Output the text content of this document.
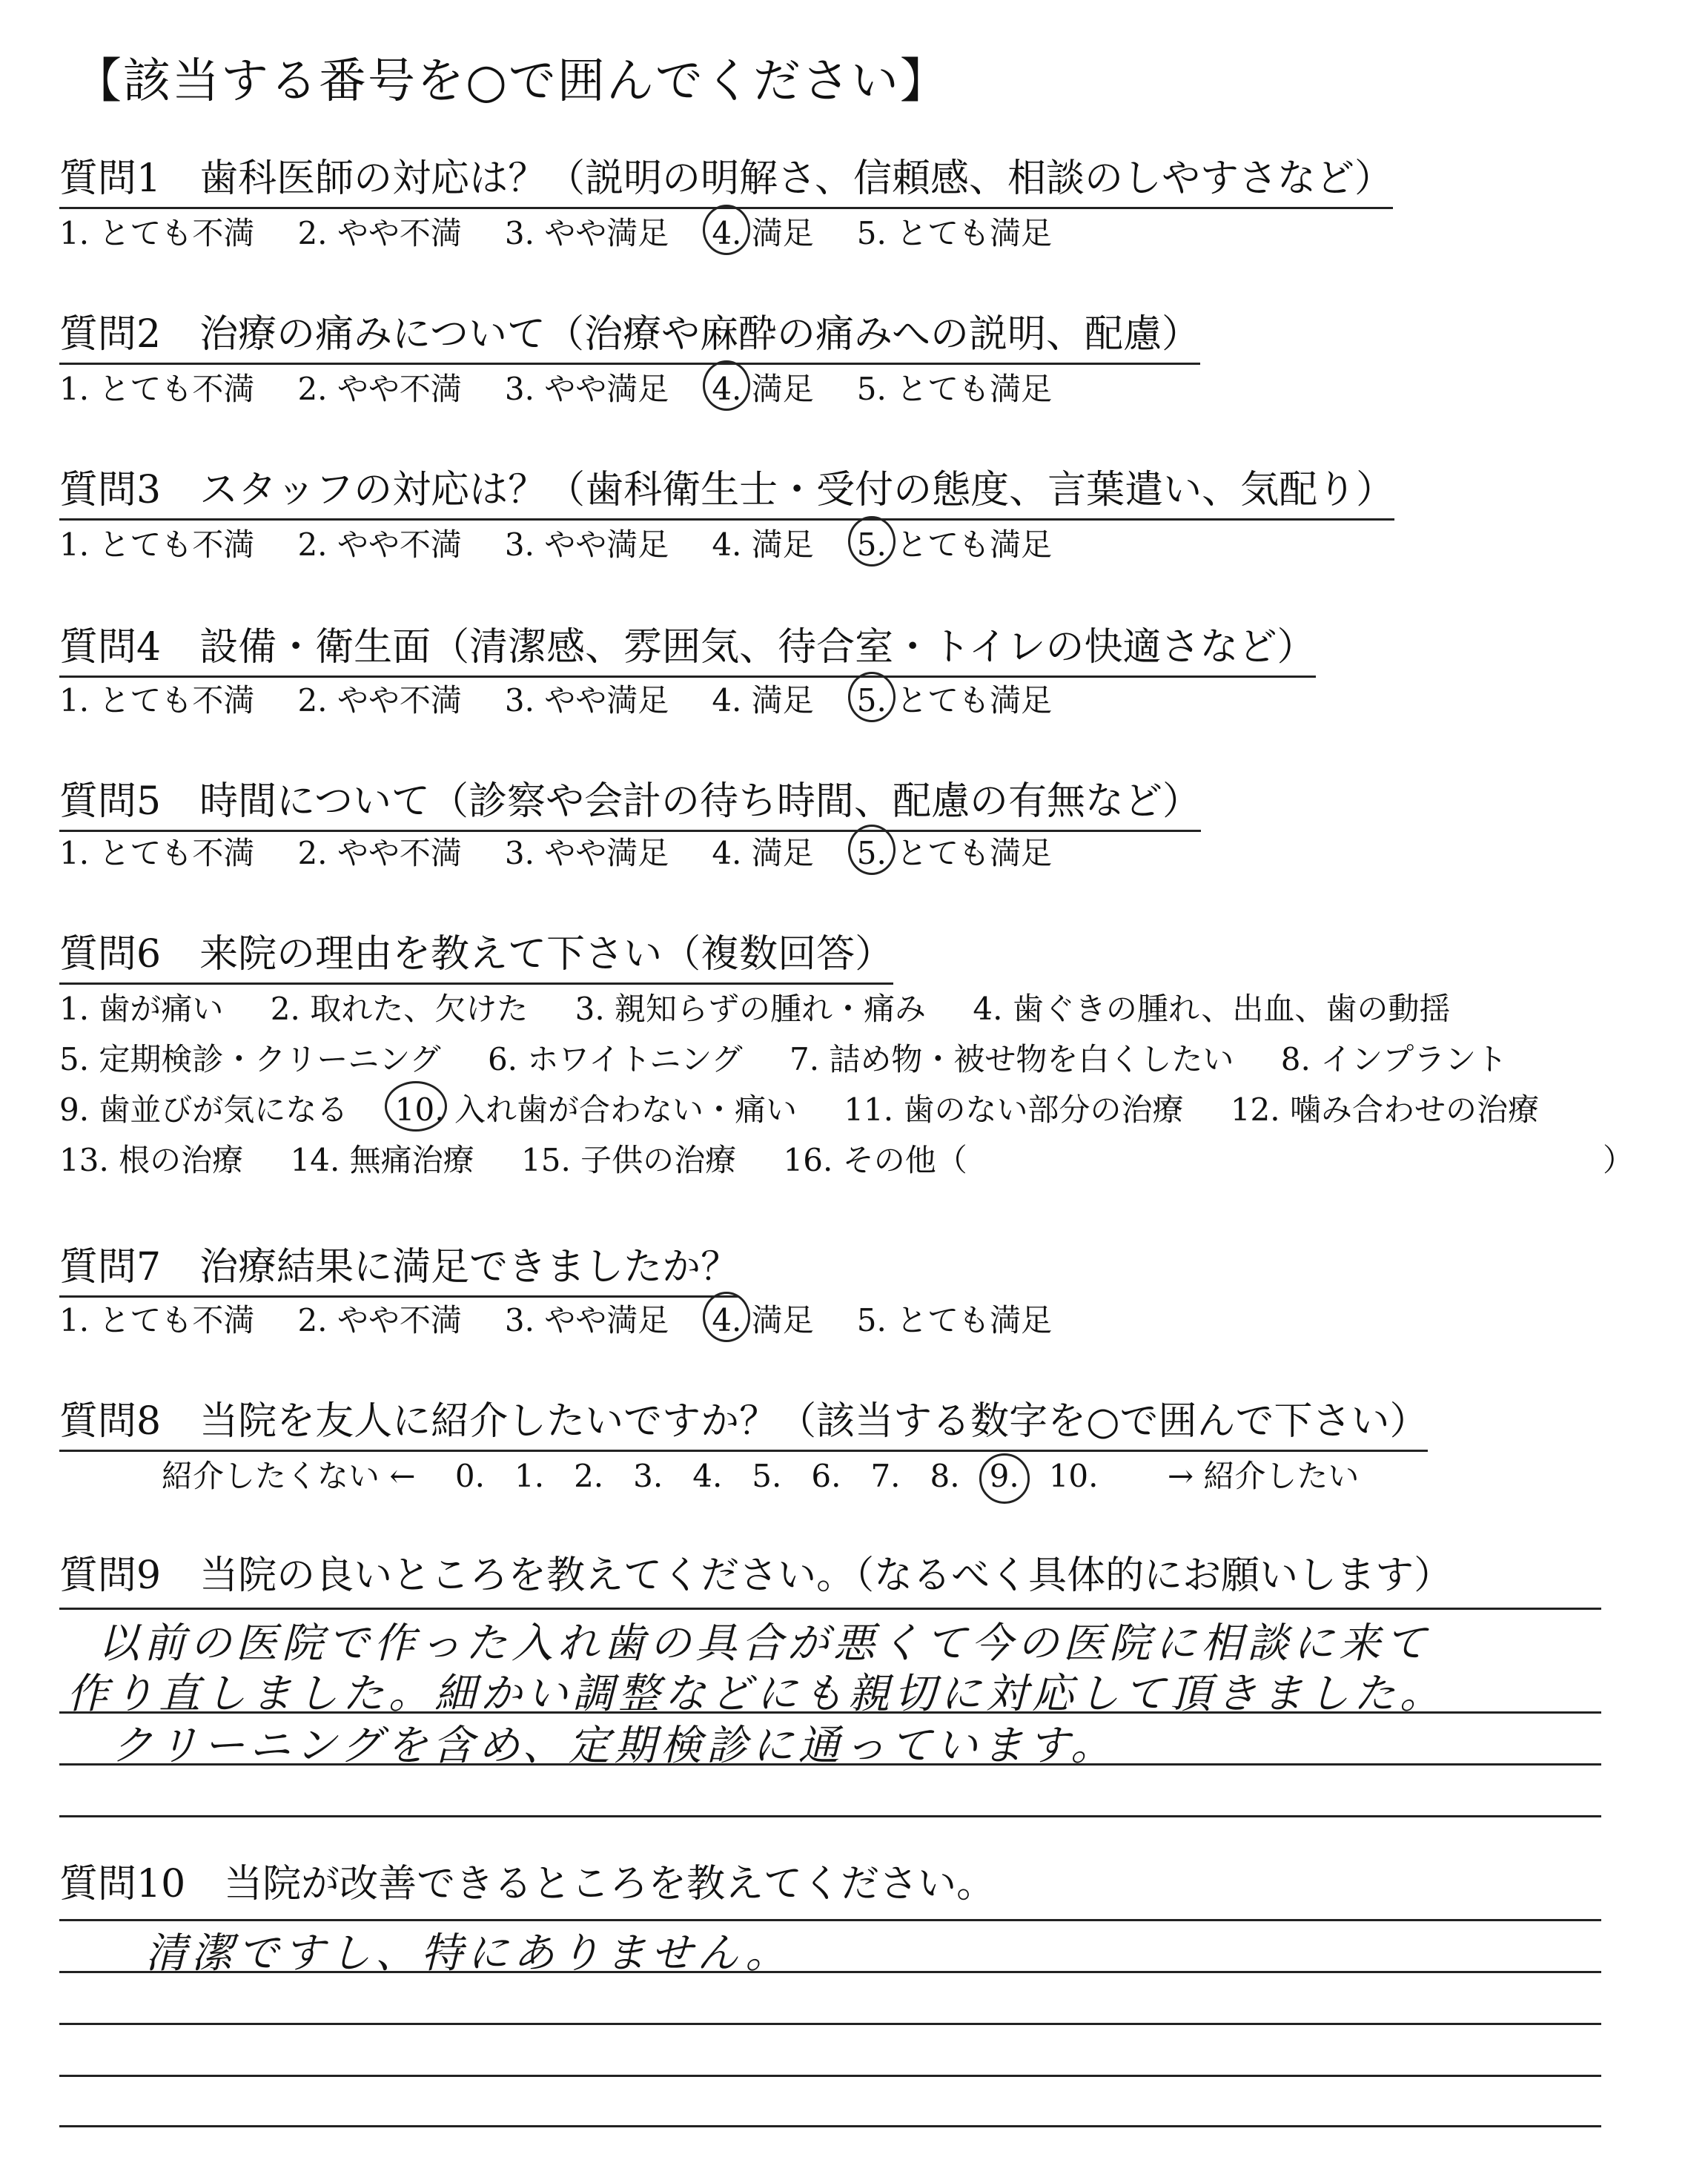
【該当する番号を○で囲んでください】
質問1　歯科医師の対応は？（説明の明解さ、信頼感、相談のしやすさなど）
1. とても不満 2. やや不満 3. やや満足 4. 満足 5. とても満足
質問2　治療の痛みについて（治療や麻酔の痛みへの説明、配慮）
1. とても不満 2. やや不満 3. やや満足 4. 満足 5. とても満足
質問3　スタッフの対応は？（歯科衛生士・受付の態度、言葉遣い、気配り）
1. とても不満 2. やや不満 3. やや満足 4. 満足 5. とても満足
質問4　設備・衛生面（清潔感、雰囲気、待合室・トイレの快適さなど）
1. とても不満 2. やや不満 3. やや満足 4. 満足 5. とても満足
質問5　時間について（診察や会計の待ち時間、配慮の有無など）
1. とても不満 2. やや不満 3. やや満足 4. 満足 5. とても満足
質問6　来院の理由を教えて下さい（複数回答）
1. 歯が痛い 2. 取れた、欠けた 3. 親知らずの腫れ・痛み 4. 歯ぐきの腫れ、出血、歯の動揺
5. 定期検診・クリーニング 6. ホワイトニング 7. 詰め物・被せ物を白くしたい 8. インプラント
9. 歯並びが気になる 10. 入れ歯が合わない・痛い 11. 歯のない部分の治療 12. 噛み合わせの治療
13. 根の治療 14. 無痛治療 15. 子供の治療 16. その他（	）
質問7　治療結果に満足できましたか？
1. とても不満 2. やや不満 3. やや満足 4. 満足 5. とても満足
質問8　当院を友人に紹介したいですか？（該当する数字を○で囲んで下さい）
紹介したくない ← 0. 1. 2. 3. 4. 5. 6. 7. 8. 9. 10. → 紹介したい
質問9　当院の良いところを教えてください。（なるべく具体的にお願いします）
以前の医院で作った入れ歯の具合が悪くて今の医院に相談に来て
作り直しました。細かい調整などにも親切に対応して頂きました。
クリーニングを含め、定期検診に通っています。
質問10　当院が改善できるところを教えてください。
清潔ですし、特にありません。
